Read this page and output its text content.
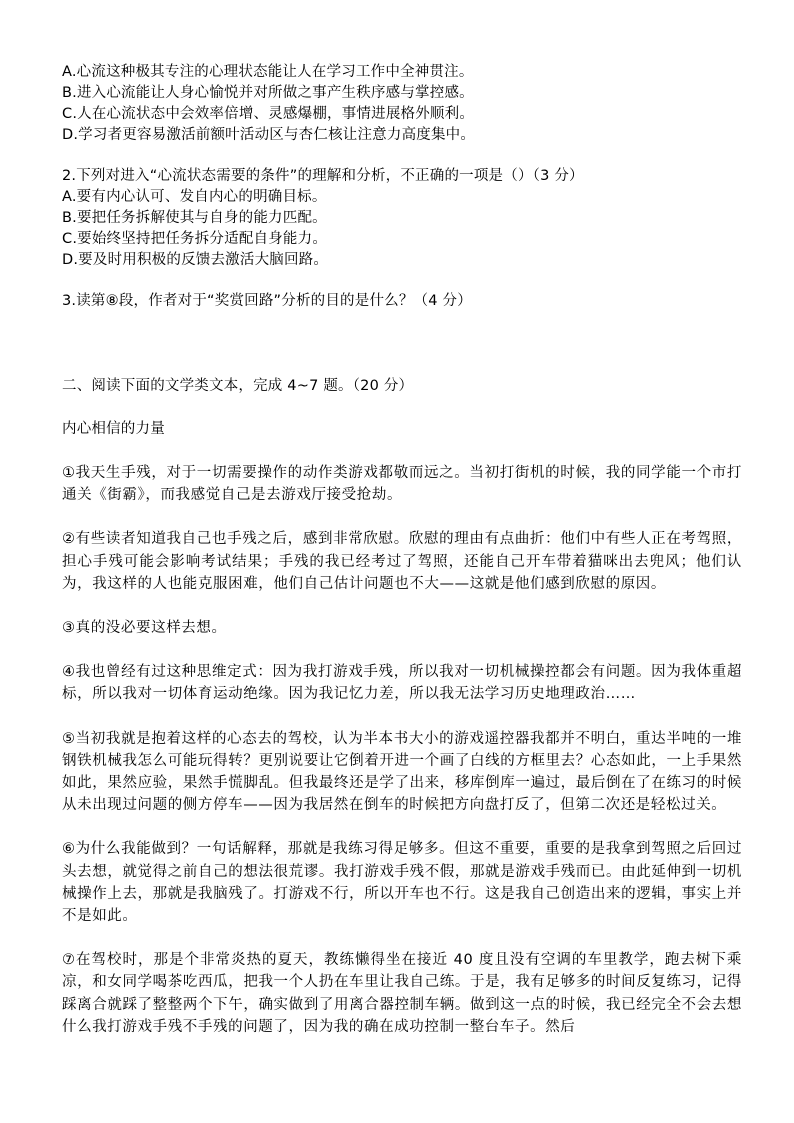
A.心流这种极其专注的心理状态能让人在学习工作中全神贯注。
B.进入心流能让人身心愉悦并对所做之事产生秩序感与掌控感。
C.人在心流状态中会效率倍增、灵感爆棚，事情进展格外顺利。
D.学习者更容易激活前额叶活动区与杏仁核让注意力高度集中。
2.下列对进入“心流状态需要的条件”的理解和分析，不正确的一项是（）（3 分）
A.要有内心认可、发自内心的明确目标。
B.要把任务拆解使其与自身的能力匹配。
C.要始终坚持把任务拆分适配自身能力。
D.要及时用积极的反馈去激活大脑回路。
3.读第⑧段，作者对于“奖赏回路”分析的目的是什么？（4 分）
二、阅读下面的文学类文本，完成 4~7 题。（20 分）
内心相信的力量
①我天生手残，对于一切需要操作的动作类游戏都敬而远之。当初打街机的时候，我的同学能一个市打通关《街霸》，而我感觉自己是去游戏厅接受抢劫。
②有些读者知道我自己也手残之后，感到非常欣慰。欣慰的理由有点曲折：他们中有些人正在考驾照，担心手残可能会影响考试结果；手残的我已经考过了驾照，还能自己开车带着猫咪出去兜风；他们认为，我这样的人也能克服困难，他们自己估计问题也不大——这就是他们感到欣慰的原因。
③真的没必要这样去想。
④我也曾经有过这种思维定式：因为我打游戏手残，所以我对一切机械操控都会有问题。因为我体重超标，所以我对一切体育运动绝缘。因为我记忆力差，所以我无法学习历史地理政治……
⑤当初我就是抱着这样的心态去的驾校，认为半本书大小的游戏遥控器我都并不明白，重达半吨的一堆钢铁机械我怎么可能玩得转？更别说要让它倒着开进一个画了白线的方框里去？心态如此，一上手果然如此，果然应验，果然手慌脚乱。但我最终还是学了出来，移库倒库一遍过，最后倒在了在练习的时候从未出现过问题的侧方停车——因为我居然在倒车的时候把方向盘打反了，但第二次还是轻松过关。
⑥为什么我能做到？一句话解释，那就是我练习得足够多。但这不重要，重要的是我拿到驾照之后回过头去想，就觉得之前自己的想法很荒谬。我打游戏手残不假，那就是游戏手残而已。由此延伸到一切机械操作上去，那就是我脑残了。打游戏不行，所以开车也不行。这是我自己创造出来的逻辑，事实上并不是如此。
⑦在驾校时，那是个非常炎热的夏天，教练懒得坐在接近 40 度且没有空调的车里教学，跑去树下乘凉，和女同学喝茶吃西瓜，把我一个人扔在车里让我自己练。于是，我有足够多的时间反复练习，记得踩离合就踩了整整两个下午，确实做到了用离合器控制车辆。做到这一点的时候，我已经完全不会去想什么我打游戏手残不手残的问题了，因为我的确在成功控制一整台车子。然后
